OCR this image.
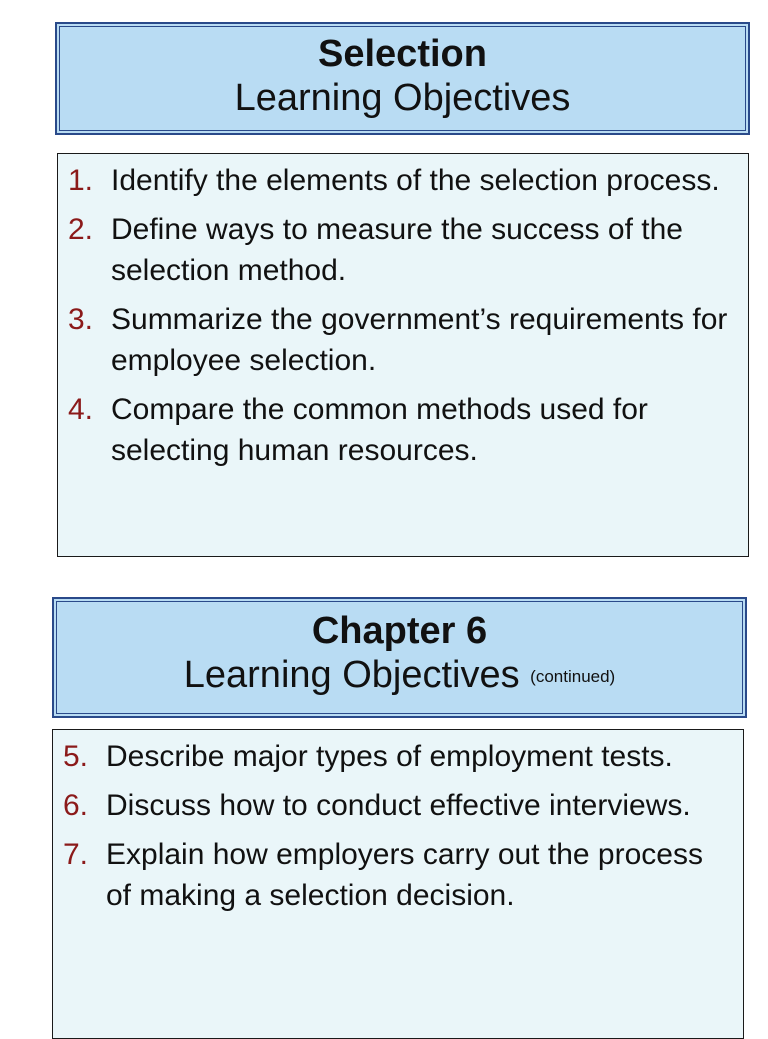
Selection
Learning Objectives
1. Identify the elements of the selection process.
2. Define ways to measure the success of the selection method.
3. Summarize the government’s requirements for employee selection.
4. Compare the common methods used for selecting human resources.
Chapter 6
Learning Objectives (continued)
5. Describe major types of employment tests.
6. Discuss how to conduct effective interviews.
7. Explain how employers carry out the process of making a selection decision.
